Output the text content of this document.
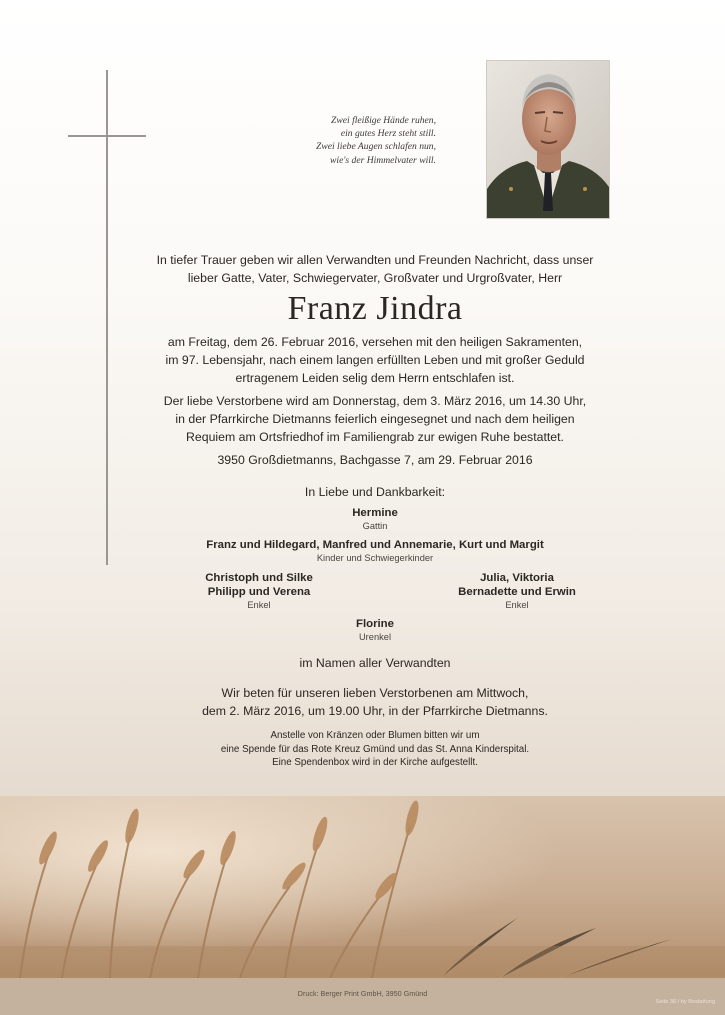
Zwei fleißige Hände ruhen,
ein gutes Herz steht still.
Zwei liebe Augen schlafen nun,
wie's der Himmelvater will.
In tiefer Trauer geben wir allen Verwandten und Freunden Nachricht, dass unser
lieber Gatte, Vater, Schwiegervater, Großvater und Urgroßvater, Herr
Franz Jindra
am Freitag, dem 26. Februar 2016, versehen mit den heiligen Sakramenten,
im 97. Lebensjahr, nach einem langen erfüllten Leben und mit großer Geduld
ertragenem Leiden selig dem Herrn entschlafen ist.
Der liebe Verstorbene wird am Donnerstag, dem 3. März 2016, um 14.30 Uhr,
in der Pfarrkirche Dietmanns feierlich eingesegnet und nach dem heiligen
Requiem am Ortsfriedhof im Familiengrab zur ewigen Ruhe bestattet.
3950 Großdietmanns, Bachgasse 7, am 29. Februar 2016
In Liebe und Dankbarkeit:
Hermine
Gattin
Franz und Hildegard, Manfred und Annemarie, Kurt und Margit
Kinder und Schwiegerkinder
Christoph und Silke
Philipp und Verena
Enkel
Julia, Viktoria
Bernadette und Erwin
Enkel
Florine
Urenkel
im Namen aller Verwandten
Wir beten für unseren lieben Verstorbenen am Mittwoch,
dem 2. März 2016, um 19.00 Uhr, in der Pfarrkirche Dietmanns.
Anstelle von Kränzen oder Blumen bitten wir um
eine Spende für das Rote Kreuz Gmünd und das St. Anna Kinderspital.
Eine Spendenbox wird in der Kirche aufgestellt.
Druck: Berger Print GmbH, 3950 Gmünd
Seite 36 / by Bestattung
